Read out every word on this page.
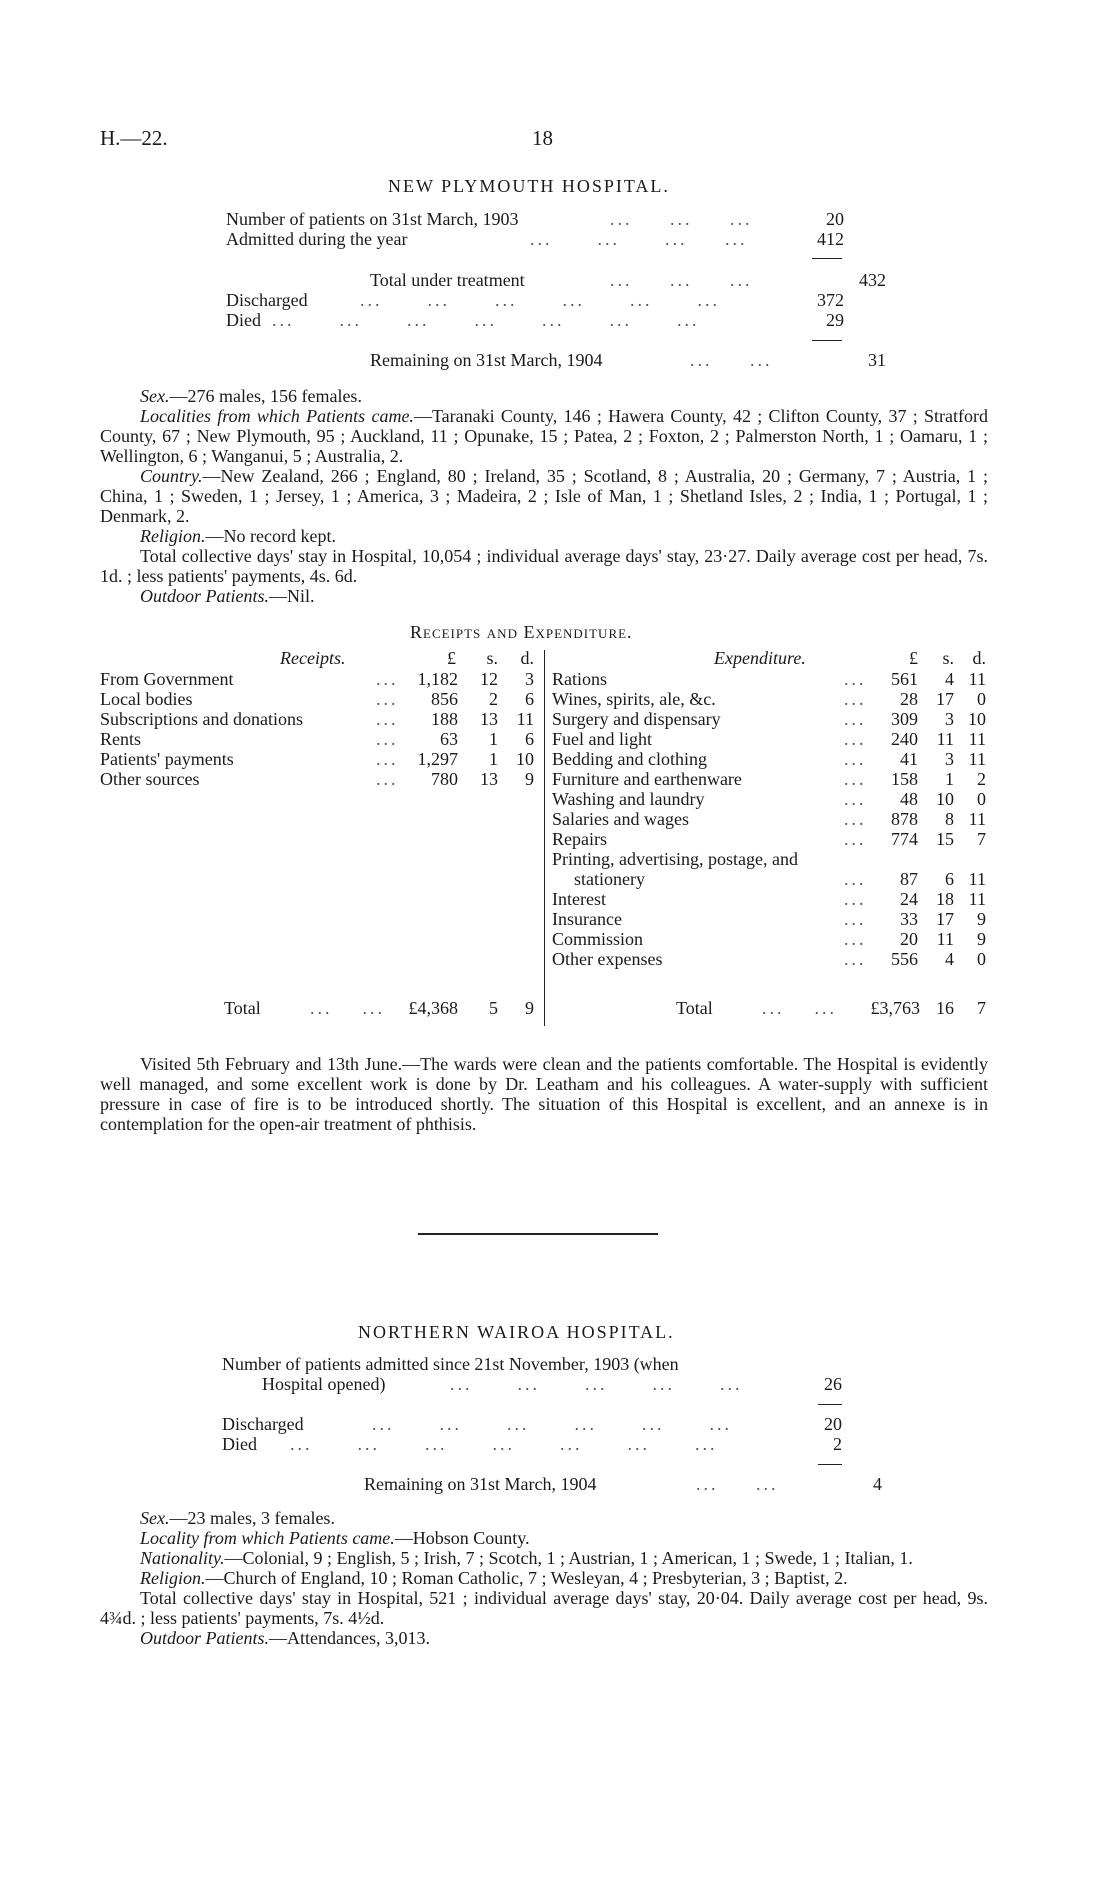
H.—22.	18
NEW PLYMOUTH HOSPITAL.
Number of patients on 31st March, 1903	...     ...     ...	20
Admitted during the year	...      ...      ...     ...	412
Total under treatment	...     ...     ...	432
Discharged	...      ...      ...      ...      ...      ...	372
Died ...      ...      ...      ...      ...      ...      ...	29
Remaining on 31st March, 1904	...     ...	31

Sex.—276 males, 156 females.

Localities from which Patients came.—Taranaki County, 146 ; Hawera County, 42 ; Clifton County, 37 ; Stratford County, 67 ; New Plymouth, 95 ; Auckland, 11 ; Opunake, 15 ; Patea, 2 ; Foxton, 2 ; Palmerston North, 1 ; Oamaru, 1 ; Wellington, 6 ; Wanganui, 5 ; Australia, 2.

Country.—New Zealand, 266 ; England, 80 ; Ireland, 35 ; Scotland, 8 ; Australia, 20 ; Germany, 7 ; Austria, 1 ; China, 1 ; Sweden, 1 ; Jersey, 1 ; America, 3 ; Madeira, 2 ; Isle of Man, 1 ; Shetland Isles, 2 ; India, 1 ; Portugal, 1 ; Denmark, 2.

Religion.—No record kept.

Total collective days' stay in Hospital, 10,054 ; individual average days' stay, 23·27. Daily average cost per head, 7s. 1d. ; less patients' payments, 4s. 6d.

Outdoor Patients.—Nil.

Receipts and Expenditure.
Receipts.	£	s.	d.	Expenditure.	£	s.	d.
From Government	...	1,182	12	3
Local bodies	...	856	2	6
Subscriptions and donations	...	188	13	11
Rents	...	63	1	6
Patients' payments	...	1,297	1	10
Other sources	...	780	13	9
Rations	...	561	4 11
Wines, spirits, ale, &c.	...	28	17	0
Surgery and dispensary	...	309	3 10
Fuel and light	...	240	11 11
Bedding and clothing	...	41	3 11
Furniture and earthenware	...	158	1	2
Washing and laundry	...	48	10	0
Salaries and wages	...	878	8 11
Repairs	...	774	15	7
Printing, advertising, postage, and
stationery	...	87	6 11
Interest	...	24	18 11
Insurance	...	33	17	9
Commission	...	20	11	9
Other expenses	...	556	4	0
Total	...    ...	£4,368	5	9	Total	...    ...	£3,763 16	7

Visited 5th February and 13th June.—The wards were clean and the patients comfortable. The Hospital is evidently well managed, and some excellent work is done by Dr. Leatham and his colleagues. A water-supply with sufficient pressure in case of fire is to be introduced shortly. The situation of this Hospital is excellent, and an annexe is in contemplation for the open-air treatment of phthisis.

NORTHERN WAIROA HOSPITAL.
Number of patients admitted since 21st November, 1903 (when
Hospital opened)	...      ...      ...      ...      ...	26
Discharged	...      ...      ...      ...      ...      ...	20
Died ...      ...      ...      ...      ...      ...      ...	2
Remaining on 31st March, 1904	...     ...	4

Sex.—23 males, 3 females.

Locality from which Patients came.—Hobson County.

Nationality.—Colonial, 9 ; English, 5 ; Irish, 7 ; Scotch, 1 ; Austrian, 1 ; American, 1 ; Swede, 1 ; Italian, 1.

Religion.—Church of England, 10 ; Roman Catholic, 7 ; Wesleyan, 4 ; Presbyterian, 3 ; Baptist, 2.

Total collective days' stay in Hospital, 521 ; individual average days' stay, 20·04. Daily average cost per head, 9s. 4¾d. ; less patients' payments, 7s. 4½d.

Outdoor Patients.—Attendances, 3,013.
